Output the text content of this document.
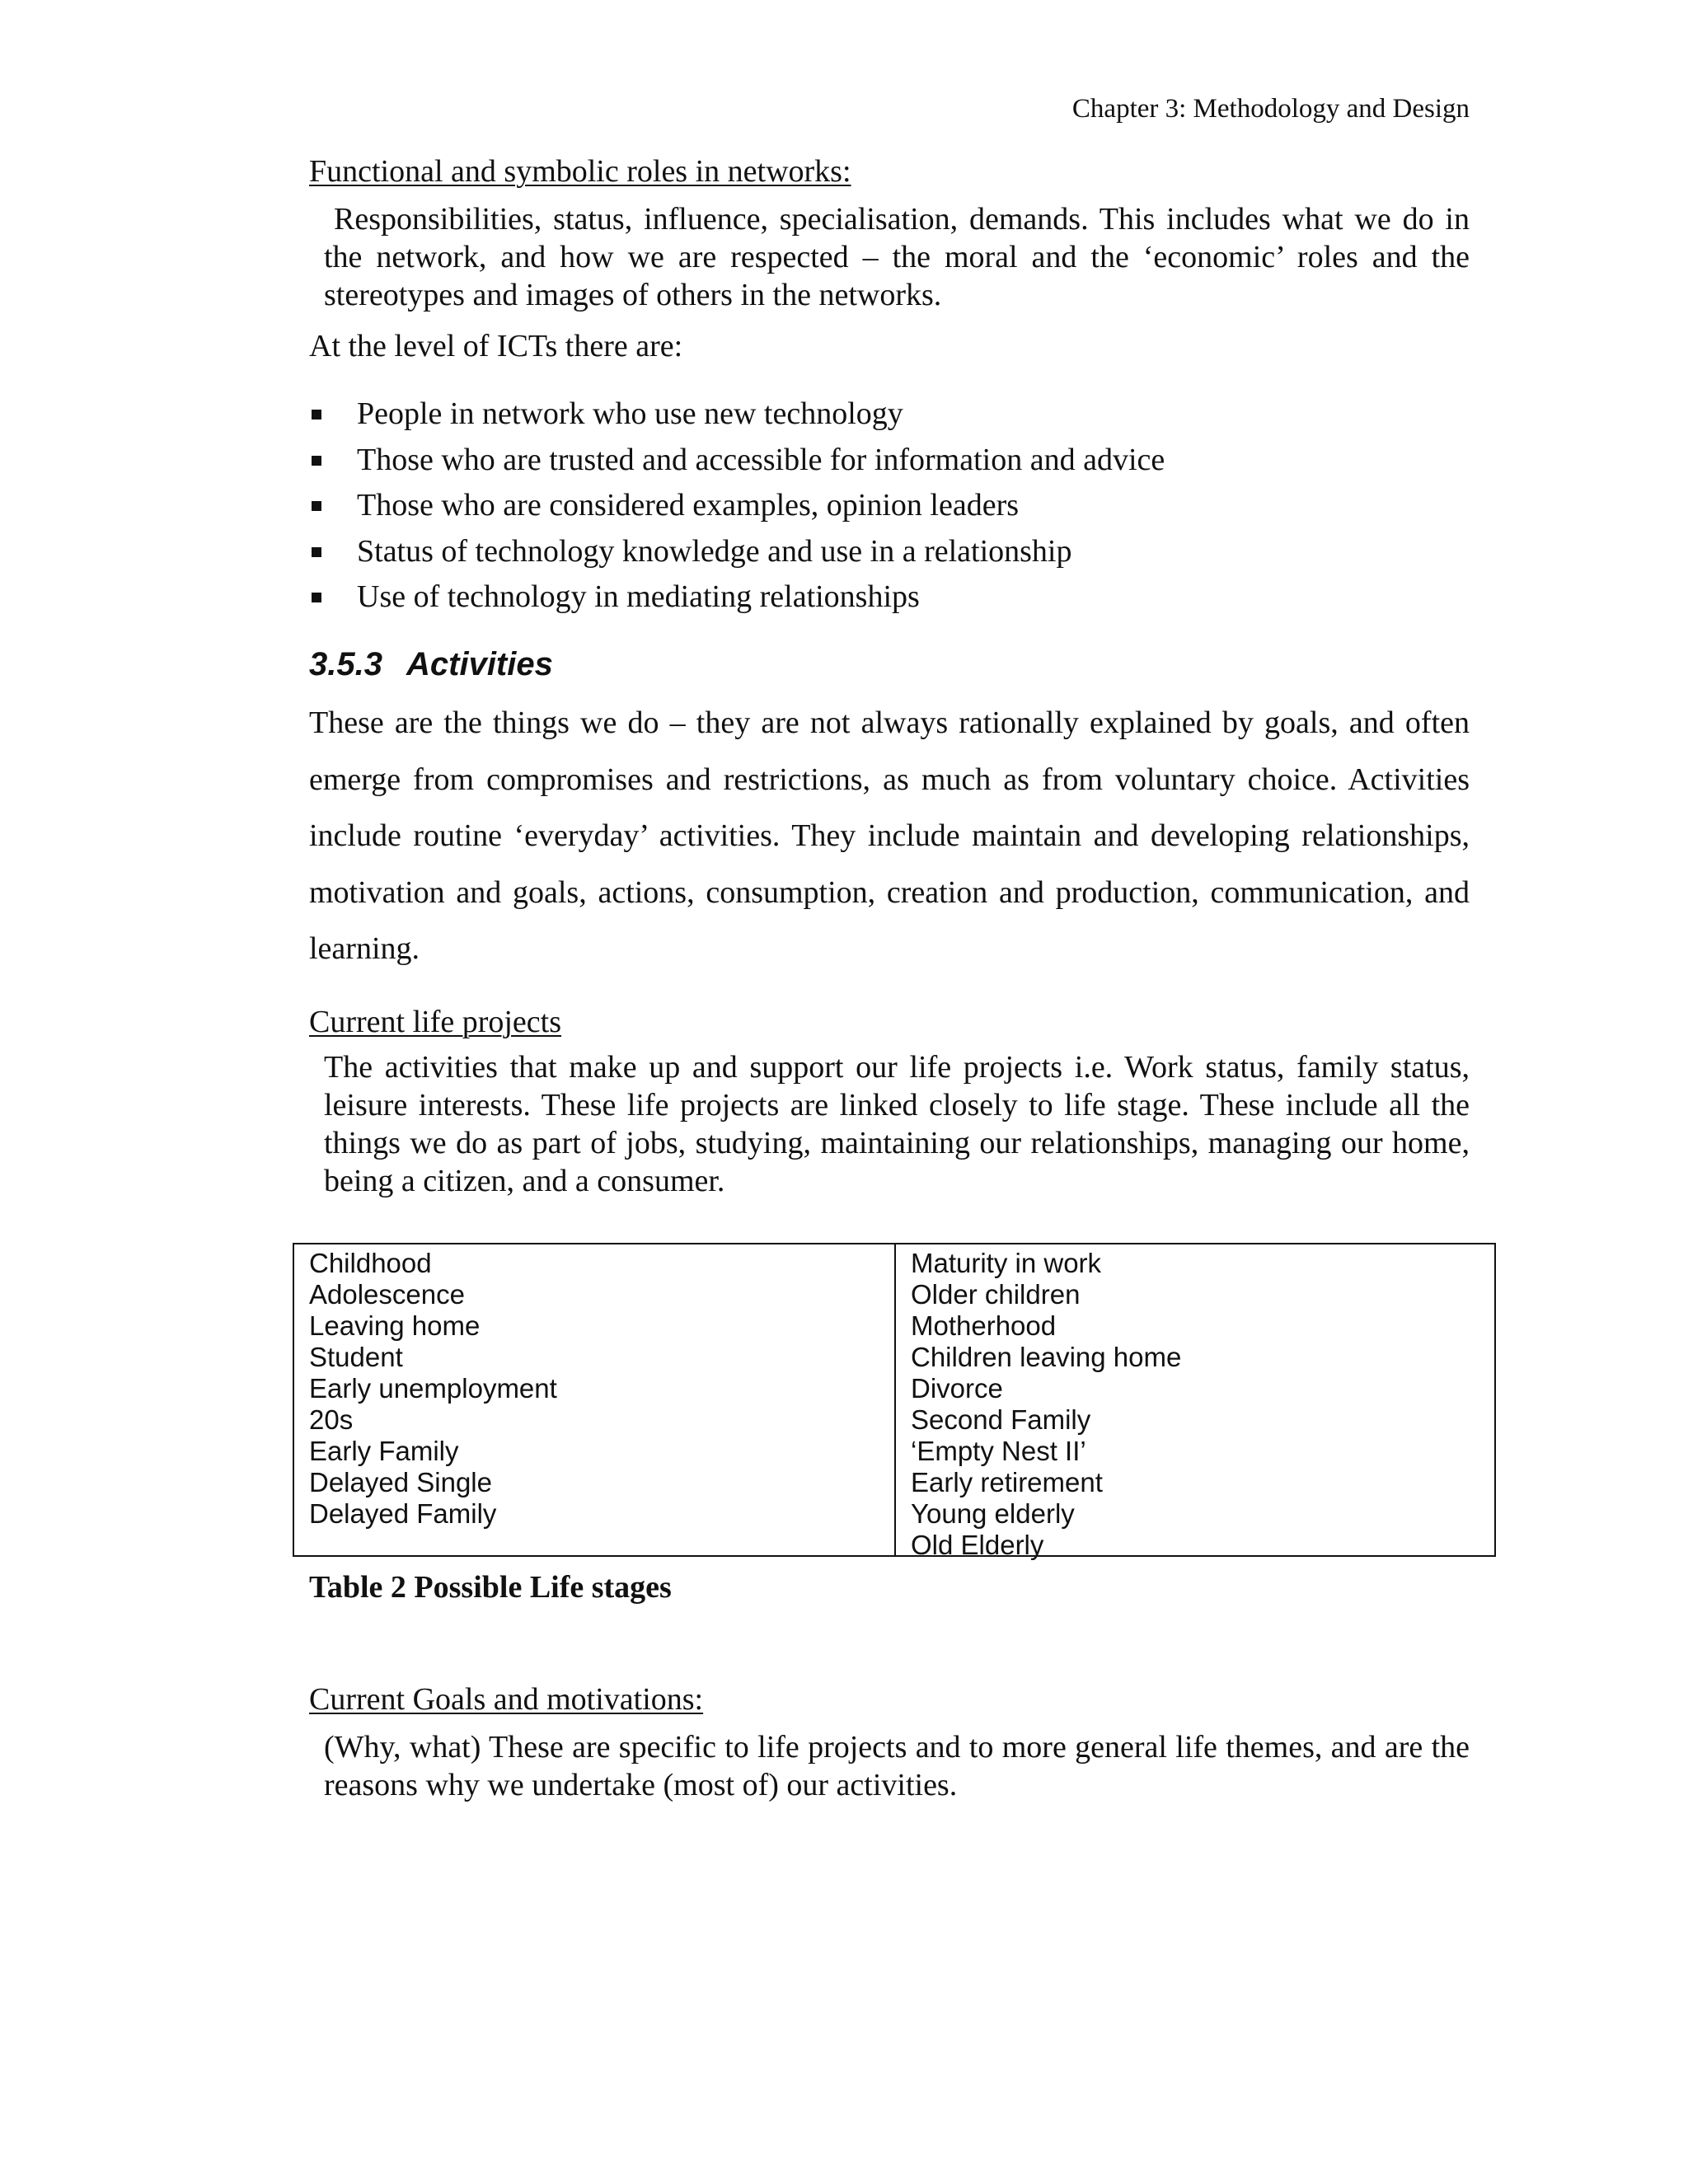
Chapter 3: Methodology and Design
Functional and symbolic roles in networks:

Responsibilities, status, influence, specialisation, demands. This includes what we do in the network, and how we are respected – the moral and the ‘economic’ roles and the stereotypes and images of others in the networks.

At the level of ICTs there are:
People in network who use new technology
Those who are trusted and accessible for information and advice
Those who are considered examples, opinion leaders
Status of technology knowledge and use in a relationship
Use of technology in mediating relationships
3.5.3 Activities

These are the things we do – they are not always rationally explained by goals, and often emerge from compromises and restrictions, as much as from voluntary choice. Activities include routine ‘everyday’ activities. They include maintain and developing relationships, motivation and goals, actions, consumption, creation and production, communication, and learning.

Current life projects

The activities that make up and support our life projects i.e. Work status, family status, leisure interests. These life projects are linked closely to life stage. These include all the things we do as part of jobs, studying, maintaining our relationships, managing our home, being a citizen, and a consumer.

Table 2 Possible Life stages
Current Goals and motivations:

(Why, what) These are specific to life projects and to more general life themes, and are the reasons why we undertake (most of) our activities.

Childhood
Adolescence
Leaving home
Student
Early unemployment
20s
Early Family
Delayed Single
Delayed Family
Maturity in work
Older children
Motherhood
Children leaving home
Divorce
Second Family
‘Empty Nest II’
Early retirement
Young elderly
Old Elderly
